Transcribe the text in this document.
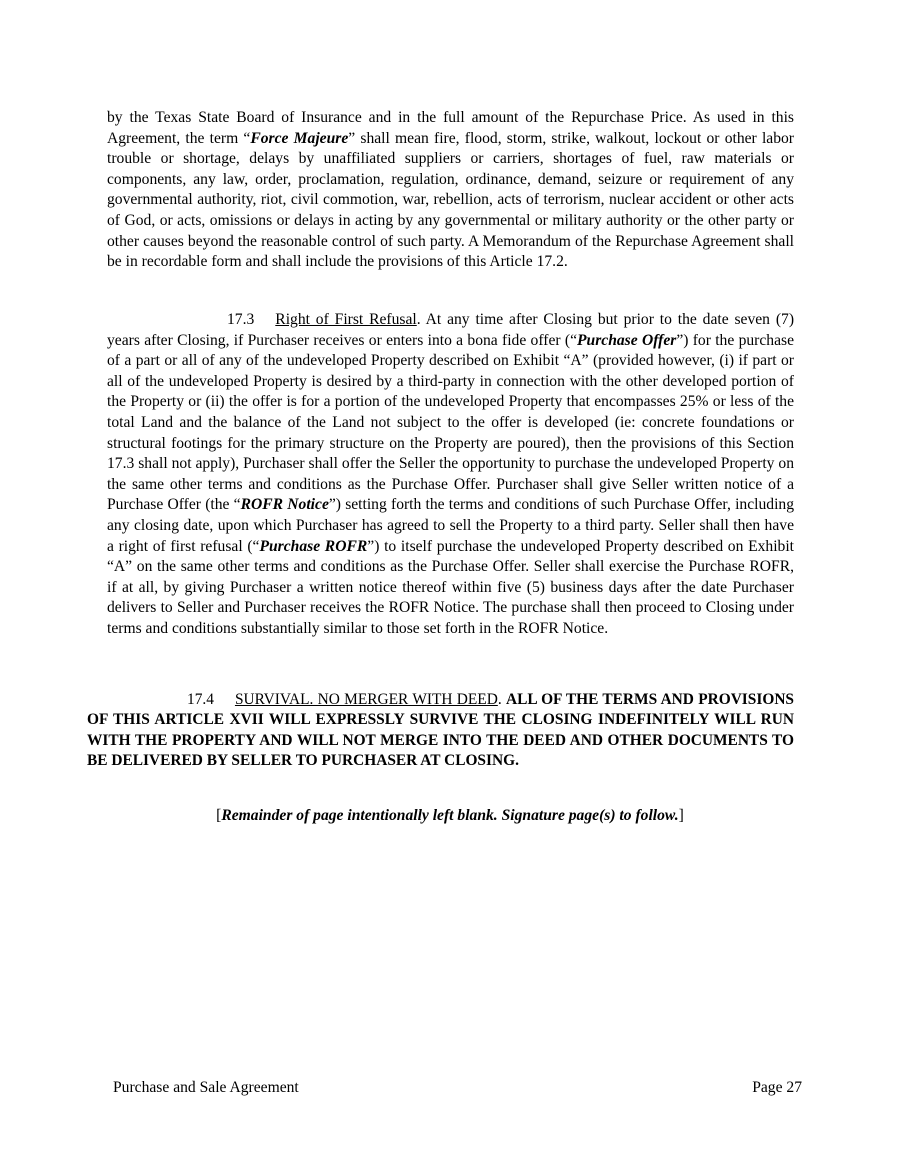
by the Texas State Board of Insurance and in the full amount of the Repurchase Price. As used in this Agreement, the term “Force Majeure” shall mean fire, flood, storm, strike, walkout, lockout or other labor trouble or shortage, delays by unaffiliated suppliers or carriers, shortages of fuel, raw materials or components, any law, order, proclamation, regulation, ordinance, demand, seizure or requirement of any governmental authority, riot, civil commotion, war, rebellion, acts of terrorism, nuclear accident or other acts of God, or acts, omissions or delays in acting by any governmental or military authority or the other party or other causes beyond the reasonable control of such party. A Memorandum of the Repurchase Agreement shall be in recordable form and shall include the provisions of this Article 17.2.

17.3 Right of First Refusal. At any time after Closing but prior to the date seven (7) years after Closing, if Purchaser receives or enters into a bona fide offer (“Purchase Offer”) for the purchase of a part or all of any of the undeveloped Property described on Exhibit “A” (provided however, (i) if part or all of the undeveloped Property is desired by a third-party in connection with the other developed portion of the Property or (ii) the offer is for a portion of the undeveloped Property that encompasses 25% or less of the total Land and the balance of the Land not subject to the offer is developed (ie: concrete foundations or structural footings for the primary structure on the Property are poured), then the provisions of this Section 17.3 shall not apply), Purchaser shall offer the Seller the opportunity to purchase the undeveloped Property on the same other terms and conditions as the Purchase Offer. Purchaser shall give Seller written notice of a Purchase Offer (the “ROFR Notice”) setting forth the terms and conditions of such Purchase Offer, including any closing date, upon which Purchaser has agreed to sell the Property to a third party. Seller shall then have a right of first refusal (“Purchase ROFR”) to itself purchase the undeveloped Property described on Exhibit “A” on the same other terms and conditions as the Purchase Offer. Seller shall exercise the Purchase ROFR, if at all, by giving Purchaser a written notice thereof within five (5) business days after the date Purchaser delivers to Seller and Purchaser receives the ROFR Notice. The purchase shall then proceed to Closing under terms and conditions substantially similar to those set forth in the ROFR Notice.

17.4 SURVIVAL. NO MERGER WITH DEED. ALL OF THE TERMS AND PROVISIONS OF THIS ARTICLE XVII WILL EXPRESSLY SURVIVE THE CLOSING INDEFINITELY WILL RUN WITH THE PROPERTY AND WILL NOT MERGE INTO THE DEED AND OTHER DOCUMENTS TO BE DELIVERED BY SELLER TO PURCHASER AT CLOSING.

[Remainder of page intentionally left blank. Signature page(s) to follow.]

Purchase and Sale Agreement	Page 27
